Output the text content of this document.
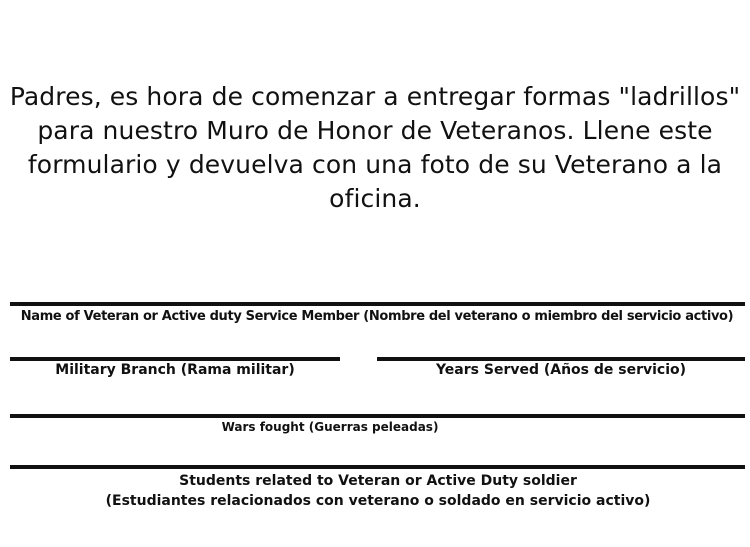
Padres, es hora de comenzar a entregar formas "ladrillos"
para nuestro Muro de Honor de Veteranos. Llene este
formulario y devuelva con una foto de su Veterano a la
oficina.
Name of Veteran or Active duty Service Member (Nombre del veterano o miembro del servicio activo)
Military Branch (Rama militar)	Years Served (Años de servicio)
Wars fought (Guerras peleadas)
Students related to Veteran or Active Duty soldier
(Estudiantes relacionados con veterano o soldado en servicio activo)
